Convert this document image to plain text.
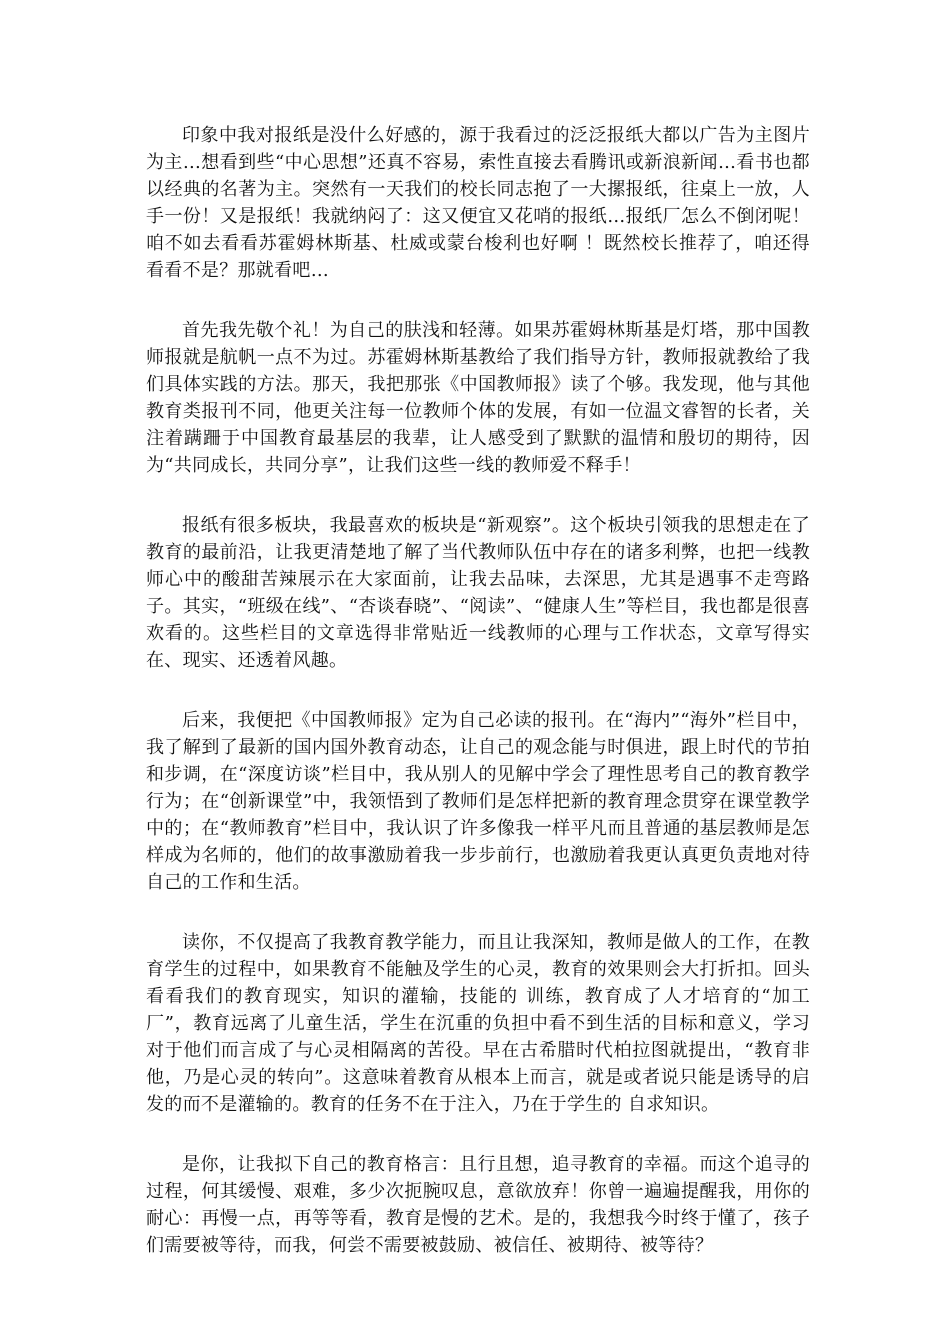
印象中我对报纸是没什么好感的，源于我看过的泛泛报纸大都以广告为主图片为主…想看到些“中心思想”还真不容易，索性直接去看腾讯或新浪新闻…看书也都以经典的名著为主。突然有一天我们的校长同志抱了一大摞报纸，往桌上一放，人手一份！又是报纸！我就纳闷了：这又便宜又花哨的报纸…报纸厂怎么不倒闭呢！咱不如去看看苏霍姆林斯基、杜威或蒙台梭利也好啊 ！既然校长推荐了，咱还得看看不是？那就看吧…

首先我先敬个礼！为自己的肤浅和轻薄。如果苏霍姆林斯基是灯塔，那中国教师报就是航帆一点不为过。苏霍姆林斯基教给了我们指导方针，教师报就教给了我们具体实践的方法。那天，我把那张《中国教师报》读了个够。我发现，他与其他教育类报刊不同，他更关注每一位教师个体的发展，有如一位温文睿智的长者，关注着蹒跚于中国教育最基层的我辈，让人感受到了默默的温情和殷切的期待，因为“共同成长，共同分享”，让我们这些一线的教师爱不释手！

报纸有很多板块，我最喜欢的板块是“新观察”。这个板块引领我的思想走在了教育的最前沿，让我更清楚地了解了当代教师队伍中存在的诸多利弊，也把一线教师心中的酸甜苦辣展示在大家面前，让我去品味，去深思，尤其是遇事不走弯路子。其实，“班级在线”、“杏谈春晓”、“阅读”、“健康人生”等栏目，我也都是很喜欢看的。这些栏目的文章选得非常贴近一线教师的心理与工作状态，文章写得实在、现实、还透着风趣。

后来，我便把《中国教师报》定为自己必读的报刊。在“海内”“海外”栏目中，我了解到了最新的国内国外教育动态，让自己的观念能与时俱进，跟上时代的节拍和步调，在“深度访谈”栏目中，我从别人的见解中学会了理性思考自己的教育教学行为；在“创新课堂”中，我领悟到了教师们是怎样把新的教育理念贯穿在课堂教学中的；在“教师教育”栏目中，我认识了许多像我一样平凡而且普通的基层教师是怎样成为名师的，他们的故事激励着我一步步前行，也激励着我更认真更负责地对待自己的工作和生活。

读你，不仅提高了我教育教学能力，而且让我深知，教师是做人的工作，在教育学生的过程中，如果教育不能触及学生的心灵，教育的效果则会大打折扣。回头看看我们的教育现实，知识的灌输，技能的 训练，教育成了人才培育的“加工厂”，教育远离了儿童生活，学生在沉重的负担中看不到生活的目标和意义，学习对于他们而言成了与心灵相隔离的苦役。早在古希腊时代柏拉图就提出，“教育非他，乃是心灵的转向”。这意味着教育从根本上而言，就是或者说只能是诱导的启发的而不是灌输的。教育的任务不在于注入，乃在于学生的 自求知识。

是你，让我拟下自己的教育格言：且行且想，追寻教育的幸福。而这个追寻的过程，何其缓慢、艰难，多少次扼腕叹息，意欲放弃！你曾一遍遍提醒我，用你的耐心：再慢一点，再等等看，教育是慢的艺术。是的，我想我今时终于懂了，孩子们需要被等待，而我，何尝不需要被鼓励、被信任、被期待、被等待？
